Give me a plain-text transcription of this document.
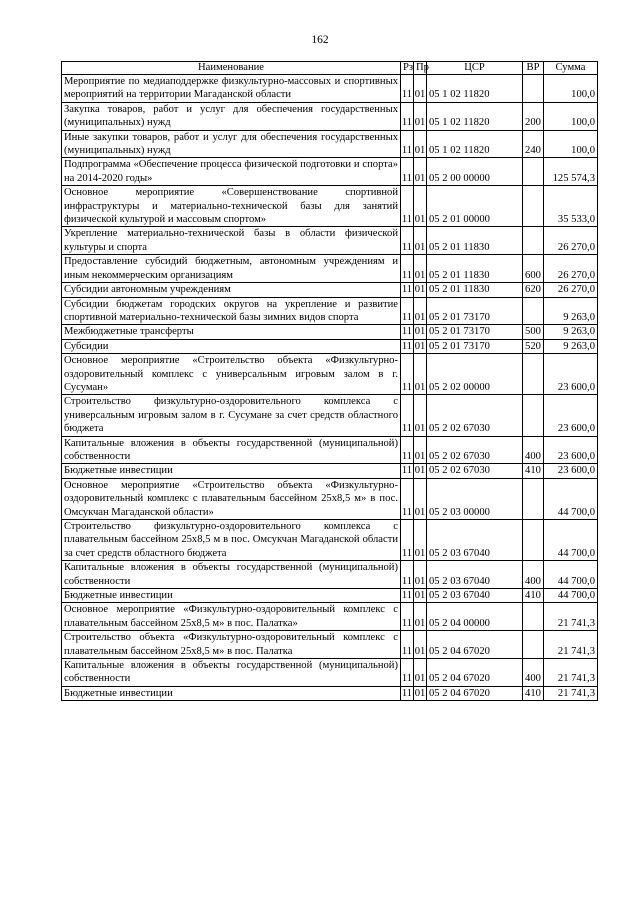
162
Наименование	Рз	Пр	ЦСР	ВР	Сумма
Мероприятие по медиаподдержке физкультурно-массовых и спортивных мероприятий на территории Магаданской области	11	01	05 1 02 11820		100,0
Закупка товаров, работ и услуг для обеспечения государственных (муниципальных) нужд	11	01	05 1 02 11820	200	100,0
Иные закупки товаров, работ и услуг для обеспечения государственных (муниципальных) нужд	11	01	05 1 02 11820	240	100,0
Подпрограмма «Обеспечение процесса физической подготовки и спорта» на 2014-2020 годы»	11	01	05 2 00 00000		125 574,3
Основное мероприятие «Совершенствование спортивной инфраструктуры и материально-технической базы для занятий физической культурой и массовым спортом»	11	01	05 2 01 00000		35 533,0
Укрепление материально-технической базы в области физической культуры и спорта	11	01	05 2 01 11830		26 270,0
Предоставление субсидий бюджетным, автономным учреждениям и иным некоммерческим организациям	11	01	05 2 01 11830	600	26 270,0
Субсидии автономным учреждениям	11	01	05 2 01 11830	620	26 270,0
Субсидии бюджетам городских округов на укрепление и развитие спортивной материально-технической базы зимних видов спорта	11	01	05 2 01 73170		9 263,0
Межбюджетные трансферты	11	01	05 2 01 73170	500	9 263,0
Субсидии	11	01	05 2 01 73170	520	9 263,0
Основное мероприятие «Строительство объекта «Физкультурно-оздоровительный комплекс с универсальным игровым залом в г. Сусуман»	11	01	05 2 02 00000		23 600,0
Строительство физкультурно-оздоровительного комплекса с универсальным игровым залом в г. Сусумане за счет средств областного бюджета	11	01	05 2 02 67030		23 600,0
Капитальные вложения в объекты государственной (муниципальной) собственности	11	01	05 2 02 67030	400	23 600,0
Бюджетные инвестиции	11	01	05 2 02 67030	410	23 600,0
Основное мероприятие «Строительство объекта «Физкультурно-оздоровительный комплекс с плавательным бассейном 25х8,5 м» в пос. Омсукчан Магаданской области»	11	01	05 2 03 00000		44 700,0
Строительство физкультурно-оздоровительного комплекса с плавательным бассейном 25х8,5 м в пос. Омсукчан Магаданской области за счет средств областного бюджета	11	01	05 2 03 67040		44 700,0
Капитальные вложения в объекты государственной (муниципальной) собственности	11	01	05 2 03 67040	400	44 700,0
Бюджетные инвестиции	11	01	05 2 03 67040	410	44 700,0
Основное мероприятие «Физкультурно-оздоровительный комплекс с плавательным бассейном 25х8,5 м» в пос. Палатка»	11	01	05 2 04 00000		21 741,3
Строительство объекта «Физкультурно-оздоровительный комплекс с плавательным бассейном 25х8,5 м» в пос. Палатка	11	01	05 2 04 67020		21 741,3
Капитальные вложения в объекты государственной (муниципальной) собственности	11	01	05 2 04 67020	400	21 741,3
Бюджетные инвестиции	11	01	05 2 04 67020	410	21 741,3
